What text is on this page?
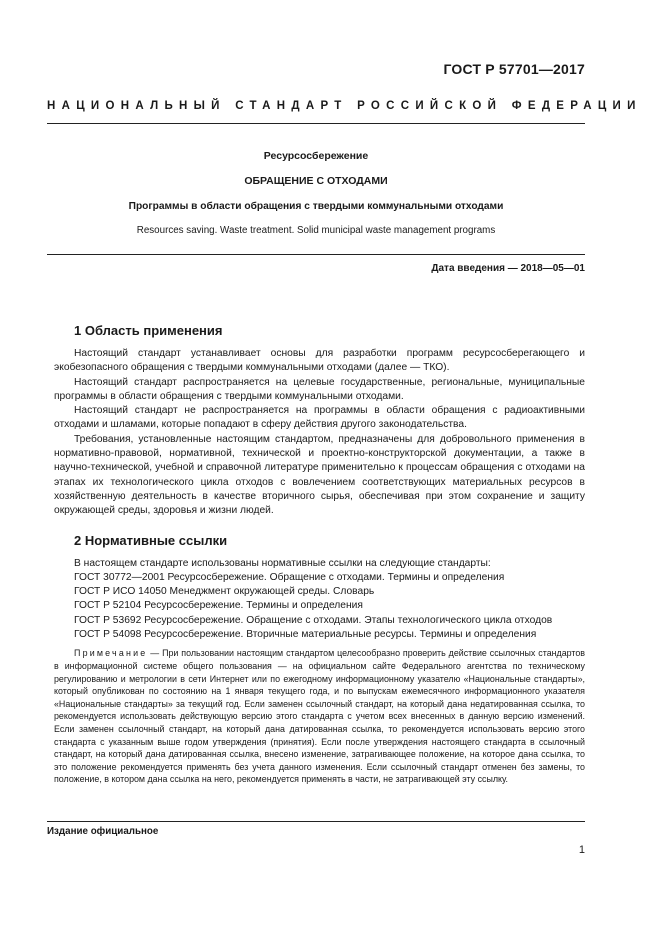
ГОСТ Р 57701—2017
НАЦИОНАЛЬНЫЙ СТАНДАРТ РОССИЙСКОЙ ФЕДЕРАЦИИ
Ресурсосбережение
ОБРАЩЕНИЕ С ОТХОДАМИ
Программы в области обращения с твердыми коммунальными отходами
Resources saving. Waste treatment. Solid municipal waste management programs
Дата введения — 2018—05—01
1 Область применения

Настоящий стандарт устанавливает основы для разработки программ ресурсосберегающего и экобезопасного обращения с твердыми коммунальными отходами (далее — ТКО).

Настоящий стандарт распространяется на целевые государственные, региональные, муниципальные программы в области обращения с твердыми коммунальными отходами.

Настоящий стандарт не распространяется на программы в области обращения с радиоактивными отходами и шламами, которые попадают в сферу действия другого законодательства.

Требования, установленные настоящим стандартом, предназначены для добровольного применения в нормативно-правовой, нормативной, технической и проектно-конструкторской документации, а также в научно-технической, учебной и справочной литературе применительно к процессам обращения с отходами на этапах их технологического цикла отходов с вовлечением соответствующих материальных ресурсов в хозяйственную деятельность в качестве вторичного сырья, обеспечивая при этом сохранение и защиту окружающей среды, здоровья и жизни людей.

2 Нормативные ссылки

В настоящем стандарте использованы нормативные ссылки на следующие стандарты:

ГОСТ 30772—2001 Ресурсосбережение. Обращение с отходами. Термины и определения

ГОСТ Р ИСО 14050 Менеджмент окружающей среды. Словарь

ГОСТ Р 52104 Ресурсосбережение. Термины и определения

ГОСТ Р 53692 Ресурсосбережение. Обращение с отходами. Этапы технологического цикла отходов

ГОСТ Р 54098 Ресурсосбережение. Вторичные материальные ресурсы. Термины и определения

Примечание — При пользовании настоящим стандартом целесообразно проверить действие ссылочных стандартов в информационной системе общего пользования — на официальном сайте Федерального агентства по техническому регулированию и метрологии в сети Интернет или по ежегодному информационному указателю «Национальные стандарты», который опубликован по состоянию на 1 января текущего года, и по выпускам ежемесячного информационного указателя «Национальные стандарты» за текущий год. Если заменен ссылочный стандарт, на который дана недатированная ссылка, то рекомендуется использовать действующую версию этого стандарта с учетом всех внесенных в данную версию изменений. Если заменен ссылочный стандарт, на который дана датированная ссылка, то рекомендуется использовать версию этого стандарта с указанным выше годом утверждения (принятия). Если после утверждения настоящего стандарта в ссылочный стандарт, на который дана датированная ссылка, внесено изменение, затрагивающее положение, на которое дана ссылка, то это положение рекомендуется применять без учета данного изменения. Если ссылочный стандарт отменен без замены, то положение, в котором дана ссылка на него, рекомендуется применять в части, не затрагивающей эту ссылку.
Издание официальное
1
